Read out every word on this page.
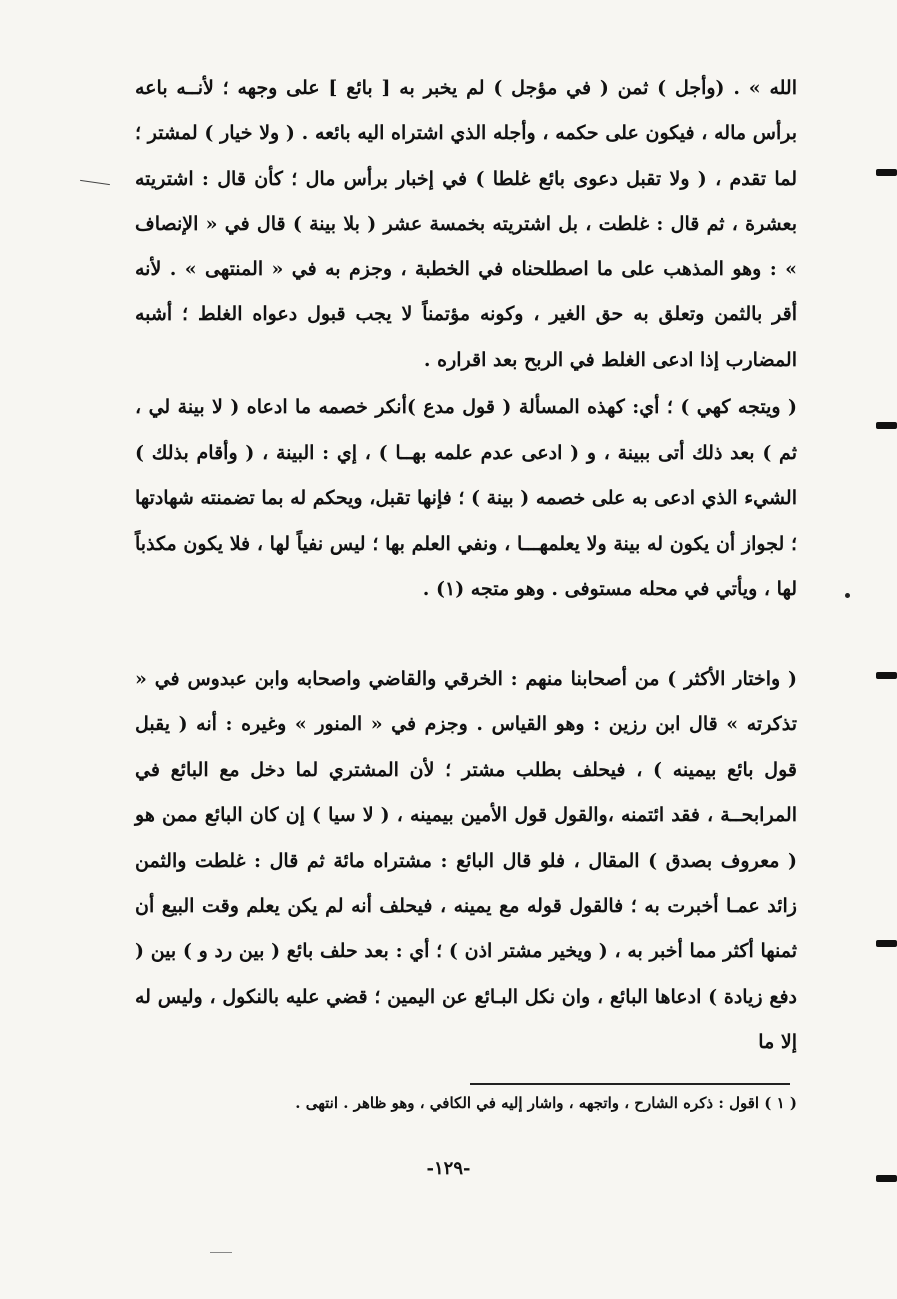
الله » . (وأجل ) ثمن ( في مؤجل ) لم يخبر به [ بائع ] على وجهه ؛ لأنــه باعه برأس ماله ، فيكون على حكمه ، وأجله الذي اشتراه اليه بائعه . ( ولا خيار ) لمشتر ؛ لما تقدم ، ( ولا تقبل دعوى بائع غلطا ) في إخبار برأس مال ؛ كأن قال : اشتريته بعشرة ، ثم قال : غلطت ، بل اشتريته بخمسة عشر ( بلا بينة ) قال في « الإنصاف » : وهو المذهب على ما اصطلحناه في الخطبة ، وجزم به في « المنتهى » . لأنه أقر بالثمن وتعلق به حق الغير ، وكونه مؤتمناً لا يجب قبول دعواه الغلط ؛ أشبه المضارب إذا ادعى الغلط في الربح بعد اقراره .
( ويتجه كهي ) ؛ أي: كهذه المسألة ( قول مدع )أنكر خصمه ما ادعاه ( لا بينة لي ، ثم ) بعد ذلك أتى ببينة ، و ( ادعى عدم علمه بهــا ) ، إي : البينة ، ( وأقام بذلك ) الشيء الذي ادعى به على خصمه ( بينة ) ؛ فإنها تقبل، ويحكم له بما تضمنته شهادتها ؛ لجواز أن يكون له بينة ولا يعلمهـــا ، ونفي العلم بها ؛ ليس نفياً لها ، فلا يكون مكذباً لها ، ويأتي في محله مستوفى . وهو متجه (١) .
( واختار الأكثر ) من أصحابنا منهم : الخرقي والقاضي واصحابه وابن عبدوس في « تذكرته » قال ابن رزين : وهو القياس . وجزم في « المنور » وغيره : أنه ( يقبل قول بائع بيمينه ) ، فيحلف بطلب مشتر ؛ لأن المشتري لما دخل مع البائع في المرابحــة ، فقد ائتمنه ،والقول قول الأمين بيمينه ، ( لا سيا ) إن كان البائع ممن هو ( معروف بصدق ) المقال ، فلو قال البائع : مشتراه مائة ثم قال : غلطت والثمن زائد عمـا أخبرت به ؛ فالقول قوله مع يمينه ، فيحلف أنه لم يكن يعلم وقت البيع أن ثمنها أكثر مما أخبر به ، ( ويخير مشتر اذن ) ؛ أي : بعد حلف بائع ( بين رد و ) بين ( دفع زيادة ) ادعاها البائع ، وان نكل البـائع عن اليمين ؛ قضي عليه بالنكول ، وليس له إلا ما
( ١ ) اقول : ذكره الشارح ، واتجهه ، واشار إليه في الكافي ، وهو ظاهر . انتهى .
-١٢٩-
